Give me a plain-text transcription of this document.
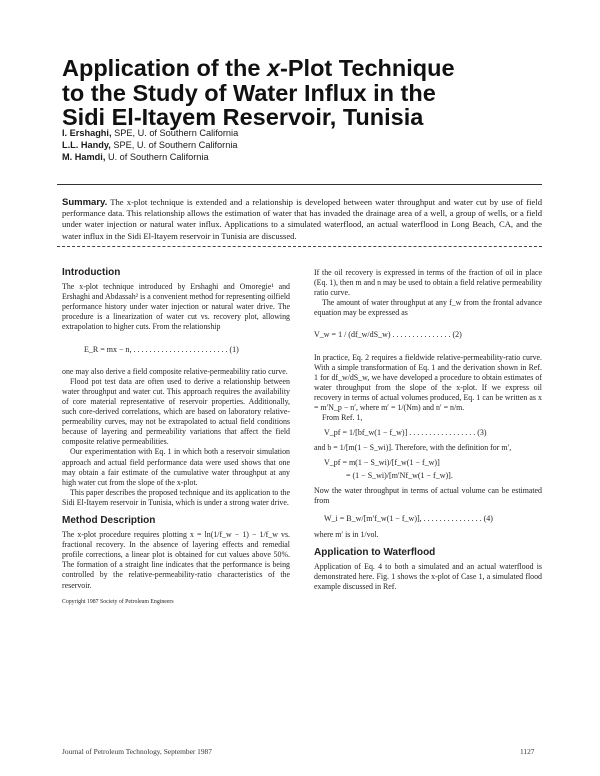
Application of the x-Plot Technique
to the Study of Water Influx in the
Sidi El-Itayem Reservoir, Tunisia
I. Ershaghi, SPE, U. of Southern California
L.L. Handy, SPE, U. of Southern California
M. Hamdi, U. of Southern California
Summary. The x-plot technique is extended and a relationship is developed between water throughput and water cut by use of field performance data. This relationship allows the estimation of water that has invaded the drainage area of a well, a group of wells, or a field under water injection or natural water influx. Applications to a simulated waterflood, an actual waterflood in Long Beach, CA, and the water influx in the Sidi El-Itayem reservoir in Tunisia are discussed.
Introduction

The x-plot technique introduced by Ershaghi and Omoregie¹ and Ershaghi and Abdassah² is a convenient method for representing oilfield performance history under water injection or natural water drive. The procedure is a linearization of water cut vs. recovery plot, allowing extrapolation to higher cuts. From the relationship

E_R = mx − n, . . . . . . . . . . . . . . . . . . . . . . . . (1)

one may also derive a field composite relative-permeability ratio curve.

Flood pot test data are often used to derive a relationship between water throughput and water cut. This approach requires the availability of core material representative of reservoir properties. Additionally, such core-derived correlations, which are based on laboratory relative-permeability curves, may not be extrapolated to actual field conditions because of layering and permeability variations that affect the field composite relative permeabilities.

Our experimentation with Eq. 1 in which both a reservoir simulation approach and actual field performance data were used shows that one may obtain a fair estimate of the cumulative water throughput at any high water cut from the slope of the x-plot.

This paper describes the proposed technique and its application to the Sidi El-Itayem reservoir in Tunisia, which is under a strong water drive.

Method Description

The x-plot procedure requires plotting x = ln(1/f_w − 1) − 1/f_w vs. fractional recovery. In the absence of layering effects and remedial profile corrections, a linear plot is obtained for cut values above 50%. The formation of a straight line indicates that the performance is being controlled by the relative-permeability-ratio characteristics of the reservoir.

Copyright 1987 Society of Petroleum Engineers

If the oil recovery is expressed in terms of the fraction of oil in place (Eq. 1), then m and n may be used to obtain a field relative permeability ratio curve.

The amount of water throughput at any f_w from the frontal advance equation may be expressed as

V_w = 1 / (df_w/dS_w) . . . . . . . . . . . . . . . (2)

In practice, Eq. 2 requires a fieldwide relative-permeability-ratio curve. With a simple transformation of Eq. 1 and the derivation shown in Ref. 1 for df_w/dS_w, we have developed a procedure to obtain estimates of water throughput from the slope of the x-plot. If we express oil recovery in terms of actual volumes produced, Eq. 1 can be written as x = m′N_p − n′, where m′ = 1/(Nm) and n′ = n/m.

From Ref. 1,

V_pf = 1/[bf_w(1 − f_w)] . . . . . . . . . . . . . . . . . (3)

and b = 1/[m(1 − S_wi)]. Therefore, with the definition for m′,

V_pf = m(1 − S_wi)/[f_w(1 − f_w)]
= (1 − S_wi)/[m′Nf_w(1 − f_w)].

Now the water throughput in terms of actual volume can be estimated from

W_i = B_w/[m′f_w(1 − f_w)], . . . . . . . . . . . . . . . (4)

where m′ is in 1/vol.

Application to Waterflood

Application of Eq. 4 to both a simulated and an actual waterflood is demonstrated here. Fig. 1 shows the x-plot of Case 1, a simulated flood example discussed in Ref.

Journal of Petroleum Technology, September 1987	1127
